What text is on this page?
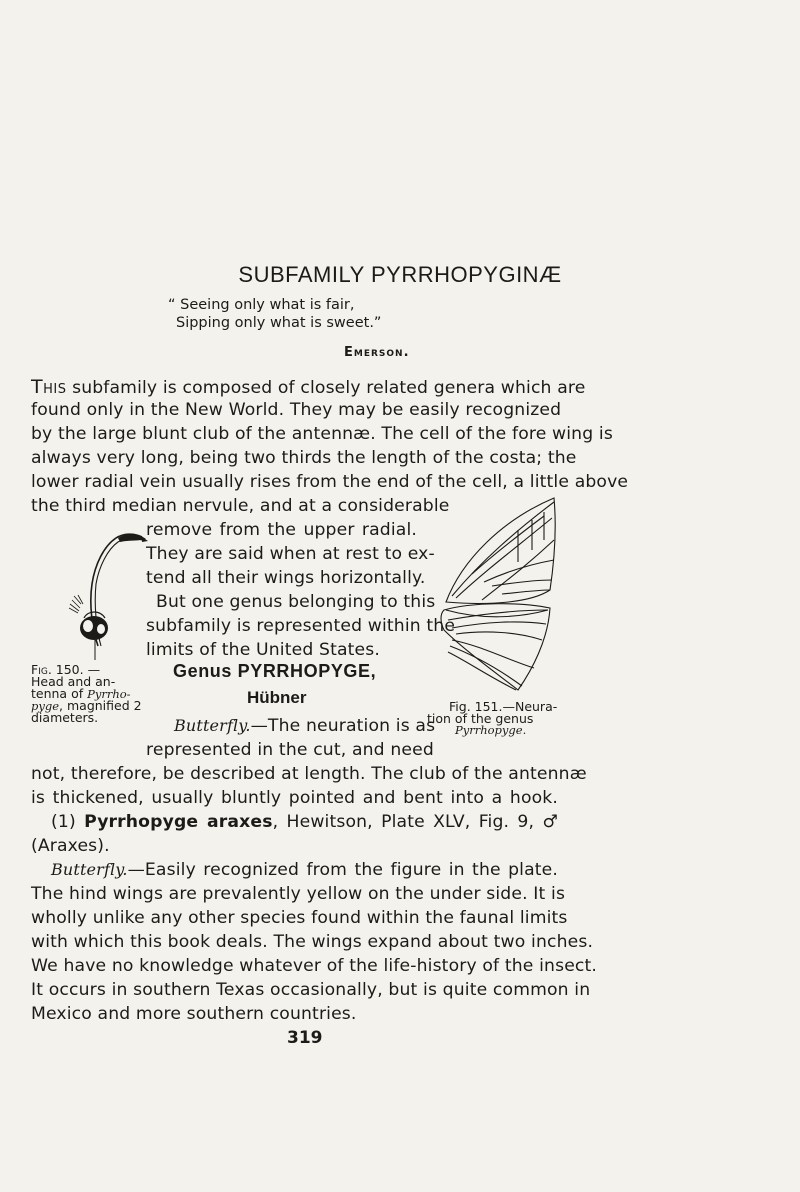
SUBFAMILY PYRRHOPYGINÆ
“ Seeing only what is fair,
Sipping only what is sweet.”
Emerson.
This subfamily is composed of closely related genera which are
found only in the New World. They may be easily recognized
by the large blunt club of the antennæ. The cell of the fore wing is
always very long, being two thirds the length of the costa; the
lower radial vein usually rises from the end of the cell, a little above
the third median nervule, and at a considerable
remove from the upper radial.
They are said when at rest to ex-
tend all their wings horizontally.
But one genus belonging to this
subfamily is represented within the
limits of the United States.
Fig. 150. —
Head and an-
tenna of Pyrrho-
pyge, magnified 2
diameters.
Fig. 151.—Neura-
tion of the genus
Pyrrhopyge.
Genus PYRRHOPYGE,
Hübner
Butterfly.—The neuration is as
represented in the cut, and need
not, therefore, be described at length. The club of the antennæ
is thickened, usually bluntly pointed and bent into a hook.
(1) Pyrrhopyge araxes, Hewitson, Plate XLV, Fig. 9, ♂
(Araxes).
Butterfly.—Easily recognized from the figure in the plate.
The hind wings are prevalently yellow on the under side. It is
wholly unlike any other species found within the faunal limits
with which this book deals. The wings expand about two inches.
We have no knowledge whatever of the life-history of the insect.
It occurs in southern Texas occasionally, but is quite common in
Mexico and more southern countries.
319
